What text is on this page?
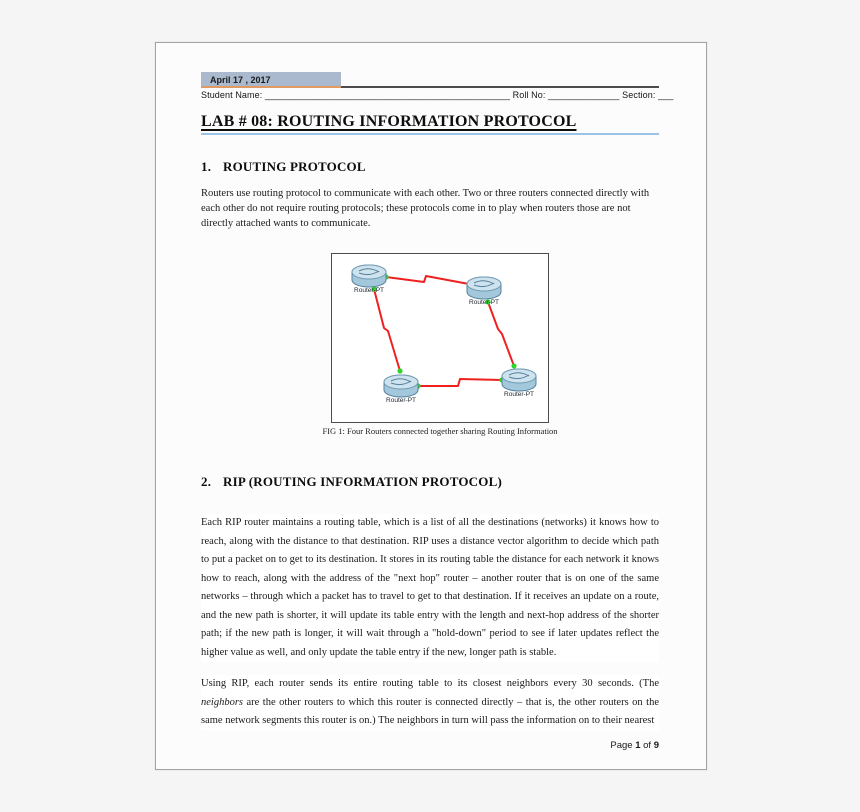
April 17 , 2017
Student Name: ________________________________________________ Roll No: ______________ Section: ___
LAB # 08: ROUTING INFORMATION PROTOCOL
1. ROUTING PROTOCOL

Routers use routing protocol to communicate with each other. Two or three routers connected directly with each other do not require routing protocols; these protocols come in to play when routers those are not directly attached wants to communicate.

Router-PT
Router-PT
Router-PT
Router-PT
FIG 1: Four Routers connected together sharing Routing Information
2. RIP (ROUTING INFORMATION PROTOCOL)

Each RIP router maintains a routing table, which is a list of all the destinations (networks) it knows how to reach, along with the distance to that destination. RIP uses a distance vector algorithm to decide which path to put a packet on to get to its destination. It stores in its routing table the distance for each network it knows how to reach, along with the address of the "next hop" router – another router that is on one of the same networks – through which a packet has to travel to get to that destination. If it receives an update on a route, and the new path is shorter, it will update its table entry with the length and next-hop address of the shorter path; if the new path is longer, it will wait through a "hold-down" period to see if later updates reflect the higher value as well, and only update the table entry if the new, longer path is stable.

Using RIP, each router sends its entire routing table to its closest neighbors every 30 seconds. (The neighbors are the other routers to which this router is connected directly – that is, the other routers on the same network segments this router is on.) The neighbors in turn will pass the information on to their nearest

Page 1 of 9
